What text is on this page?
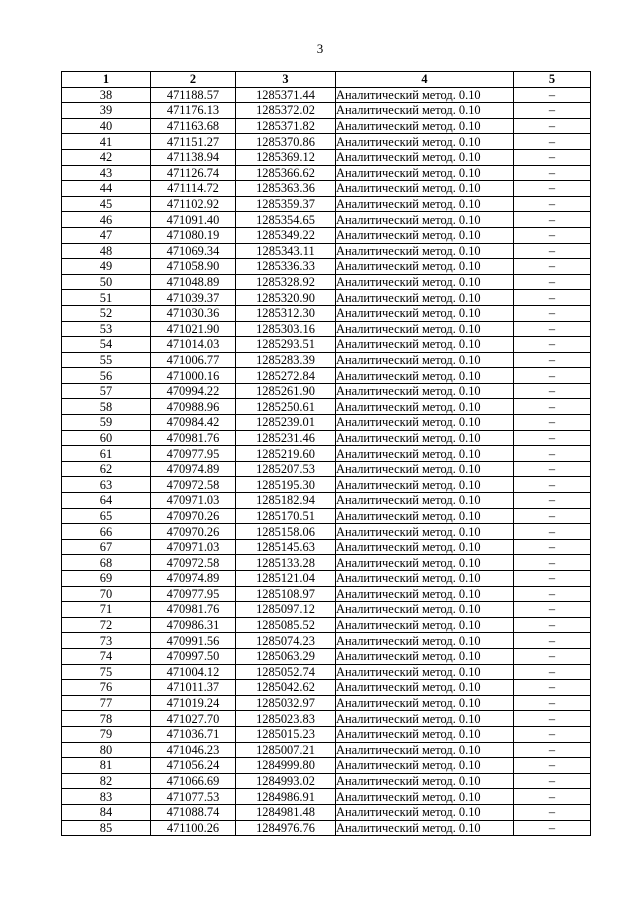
3
1	2	3	4	5
38	471188.57	1285371.44	Аналитический метод. 0.10	–
39	471176.13	1285372.02	Аналитический метод. 0.10	–
40	471163.68	1285371.82	Аналитический метод. 0.10	–
41	471151.27	1285370.86	Аналитический метод. 0.10	–
42	471138.94	1285369.12	Аналитический метод. 0.10	–
43	471126.74	1285366.62	Аналитический метод. 0.10	–
44	471114.72	1285363.36	Аналитический метод. 0.10	–
45	471102.92	1285359.37	Аналитический метод. 0.10	–
46	471091.40	1285354.65	Аналитический метод. 0.10	–
47	471080.19	1285349.22	Аналитический метод. 0.10	–
48	471069.34	1285343.11	Аналитический метод. 0.10	–
49	471058.90	1285336.33	Аналитический метод. 0.10	–
50	471048.89	1285328.92	Аналитический метод. 0.10	–
51	471039.37	1285320.90	Аналитический метод. 0.10	–
52	471030.36	1285312.30	Аналитический метод. 0.10	–
53	471021.90	1285303.16	Аналитический метод. 0.10	–
54	471014.03	1285293.51	Аналитический метод. 0.10	–
55	471006.77	1285283.39	Аналитический метод. 0.10	–
56	471000.16	1285272.84	Аналитический метод. 0.10	–
57	470994.22	1285261.90	Аналитический метод. 0.10	–
58	470988.96	1285250.61	Аналитический метод. 0.10	–
59	470984.42	1285239.01	Аналитический метод. 0.10	–
60	470981.76	1285231.46	Аналитический метод. 0.10	–
61	470977.95	1285219.60	Аналитический метод. 0.10	–
62	470974.89	1285207.53	Аналитический метод. 0.10	–
63	470972.58	1285195.30	Аналитический метод. 0.10	–
64	470971.03	1285182.94	Аналитический метод. 0.10	–
65	470970.26	1285170.51	Аналитический метод. 0.10	–
66	470970.26	1285158.06	Аналитический метод. 0.10	–
67	470971.03	1285145.63	Аналитический метод. 0.10	–
68	470972.58	1285133.28	Аналитический метод. 0.10	–
69	470974.89	1285121.04	Аналитический метод. 0.10	–
70	470977.95	1285108.97	Аналитический метод. 0.10	–
71	470981.76	1285097.12	Аналитический метод. 0.10	–
72	470986.31	1285085.52	Аналитический метод. 0.10	–
73	470991.56	1285074.23	Аналитический метод. 0.10	–
74	470997.50	1285063.29	Аналитический метод. 0.10	–
75	471004.12	1285052.74	Аналитический метод. 0.10	–
76	471011.37	1285042.62	Аналитический метод. 0.10	–
77	471019.24	1285032.97	Аналитический метод. 0.10	–
78	471027.70	1285023.83	Аналитический метод. 0.10	–
79	471036.71	1285015.23	Аналитический метод. 0.10	–
80	471046.23	1285007.21	Аналитический метод. 0.10	–
81	471056.24	1284999.80	Аналитический метод. 0.10	–
82	471066.69	1284993.02	Аналитический метод. 0.10	–
83	471077.53	1284986.91	Аналитический метод. 0.10	–
84	471088.74	1284981.48	Аналитический метод. 0.10	–
85	471100.26	1284976.76	Аналитический метод. 0.10	–
